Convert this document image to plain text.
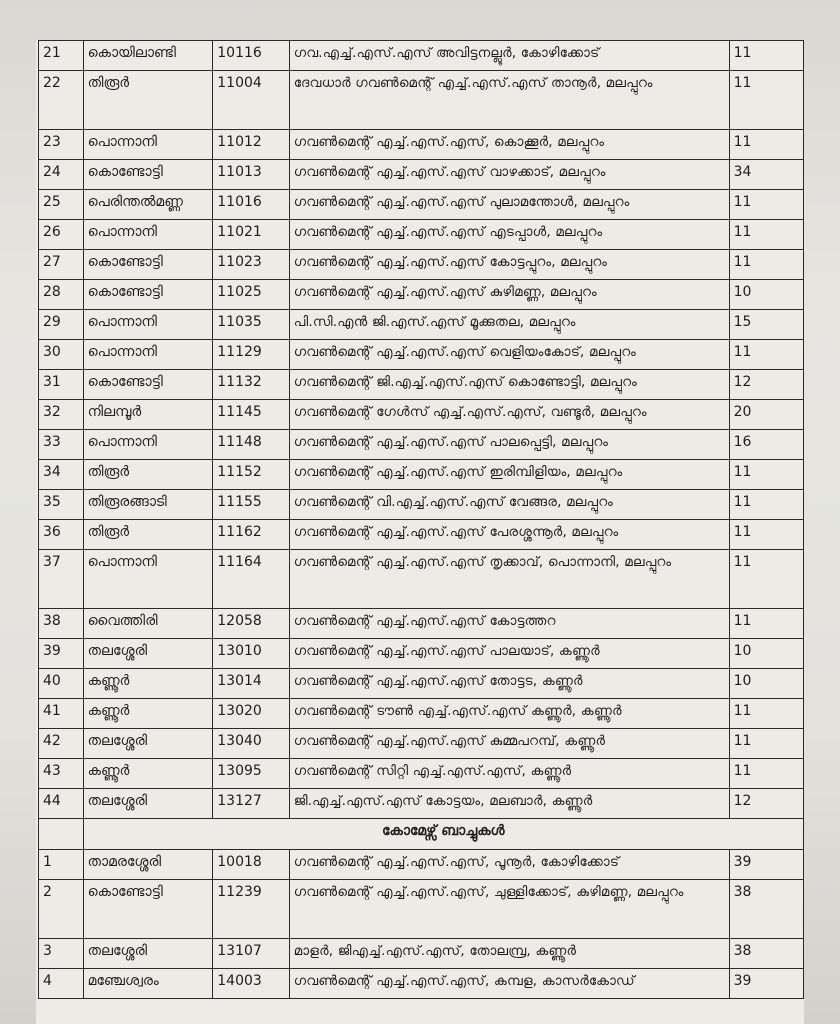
21	കൊയിലാണ്ടി	10116	ഗവ.എച്ച്.എസ്.എസ് അവിട്ടനല്ലൂർ, കോഴിക്കോട്	11
22	തിരൂർ	11004	ദേവധാർ ഗവൺമെന്റ് എച്ച്.എസ്.എസ് താനൂർ, മലപ്പുറം	11
23	പൊന്നാനി	11012	ഗവൺമെന്റ് എച്ച്.എസ്.എസ്, കൊക്കൂർ, മലപ്പുറം	11
24	കൊണ്ടോട്ടി	11013	ഗവൺമെന്റ് എച്ച്.എസ്.എസ് വാഴക്കാട്, മലപ്പുറം	34
25	പെരിന്തൽമണ്ണ	11016	ഗവൺമെന്റ് എച്ച്.എസ്.എസ് പുലാമന്തോൾ, മലപ്പുറം	11
26	പൊന്നാനി	11021	ഗവൺമെന്റ് എച്ച്.എസ്.എസ് എടപ്പാൾ, മലപ്പുറം	11
27	കൊണ്ടോട്ടി	11023	ഗവൺമെന്റ് എച്ച്.എസ്.എസ് കോട്ടപ്പുറം, മലപ്പുറം	11
28	കൊണ്ടോട്ടി	11025	ഗവൺമെന്റ് എച്ച്.എസ്.എസ് കുഴിമണ്ണ, മലപ്പുറം	10
29	പൊന്നാനി	11035	പി.സി.എൻ ജി.എസ്.എസ് മൂക്കുതല, മലപ്പുറം	15
30	പൊന്നാനി	11129	ഗവൺമെന്റ് എച്ച്.എസ്.എസ് വെളിയംകോട്, മലപ്പുറം	11
31	കൊണ്ടോട്ടി	11132	ഗവൺമെന്റ് ജി.എച്ച്.എസ്.എസ് കൊണ്ടോട്ടി, മലപ്പുറം	12
32	നിലമ്പൂർ	11145	ഗവൺമെന്റ് ഗേൾസ് എച്ച്.എസ്.എസ്, വണ്ടൂർ, മലപ്പുറം	20
33	പൊന്നാനി	11148	ഗവൺമെന്റ് എച്ച്.എസ്.എസ് പാലപ്പെട്ടി, മലപ്പുറം	16
34	തിരൂർ	11152	ഗവൺമെന്റ് എച്ച്.എസ്.എസ് ഇരിമ്പിളിയം, മലപ്പുറം	11
35	തിരൂരങ്ങാടി	11155	ഗവൺമെന്റ് വി.എച്ച്.എസ്.എസ് വേങ്ങര, മലപ്പുറം	11
36	തിരൂർ	11162	ഗവൺമെന്റ് എച്ച്.എസ്.എസ് പേരശ്ശന്നൂർ, മലപ്പുറം	11
37	പൊന്നാനി	11164	ഗവൺമെന്റ് എച്ച്.എസ്.എസ് തൃക്കാവ്, പൊന്നാനി, മലപ്പുറം	11
38	വൈത്തിരി	12058	ഗവൺമെന്റ് എച്ച്.എസ്.എസ് കോട്ടത്തറ	11
39	തലശ്ശേരി	13010	ഗവൺമെന്റ് എച്ച്.എസ്.എസ് പാലയാട്, കണ്ണൂർ	10
40	കണ്ണൂർ	13014	ഗവൺമെന്റ് എച്ച്.എസ്.എസ് തോട്ടട, കണ്ണൂർ	10
41	കണ്ണൂർ	13020	ഗവൺമെന്റ് ടൗൺ എച്ച്.എസ്.എസ് കണ്ണൂർ, കണ്ണൂർ	11
42	തലശ്ശേരി	13040	ഗവൺമെന്റ് എച്ച്.എസ്.എസ് കുമ്മപറമ്പ്, കണ്ണൂർ	11
43	കണ്ണൂർ	13095	ഗവൺമെന്റ് സിറ്റി എച്ച്.എസ്.എസ്, കണ്ണൂർ	11
44	തലശ്ശേരി	13127	ജി.എച്ച്.എസ്.എസ് കോട്ടയം, മലബാർ, കണ്ണൂർ	12
	കോമേഴ്സ് ബാച്ചുകൾ			
1	താമരശ്ശേരി	10018	ഗവൺമെന്റ് എച്ച്.എസ്.എസ്, പൂനൂർ, കോഴിക്കോട്	39
2	കൊണ്ടോട്ടി	11239	ഗവൺമെന്റ് എച്ച്.എസ്.എസ്, ചുള്ളിക്കോട്, കുഴിമണ്ണ, മലപ്പുറം	38
3	തലശ്ശേരി	13107	മാളർ, ജിഎച്ച്.എസ്.എസ്, തോലമ്പ്ര, കണ്ണൂർ	38
4	മഞ്ചേശ്വരം	14003	ഗവൺമെന്റ് എച്ച്.എസ്.എസ്, കമ്പള, കാസർകോഡ്	39
